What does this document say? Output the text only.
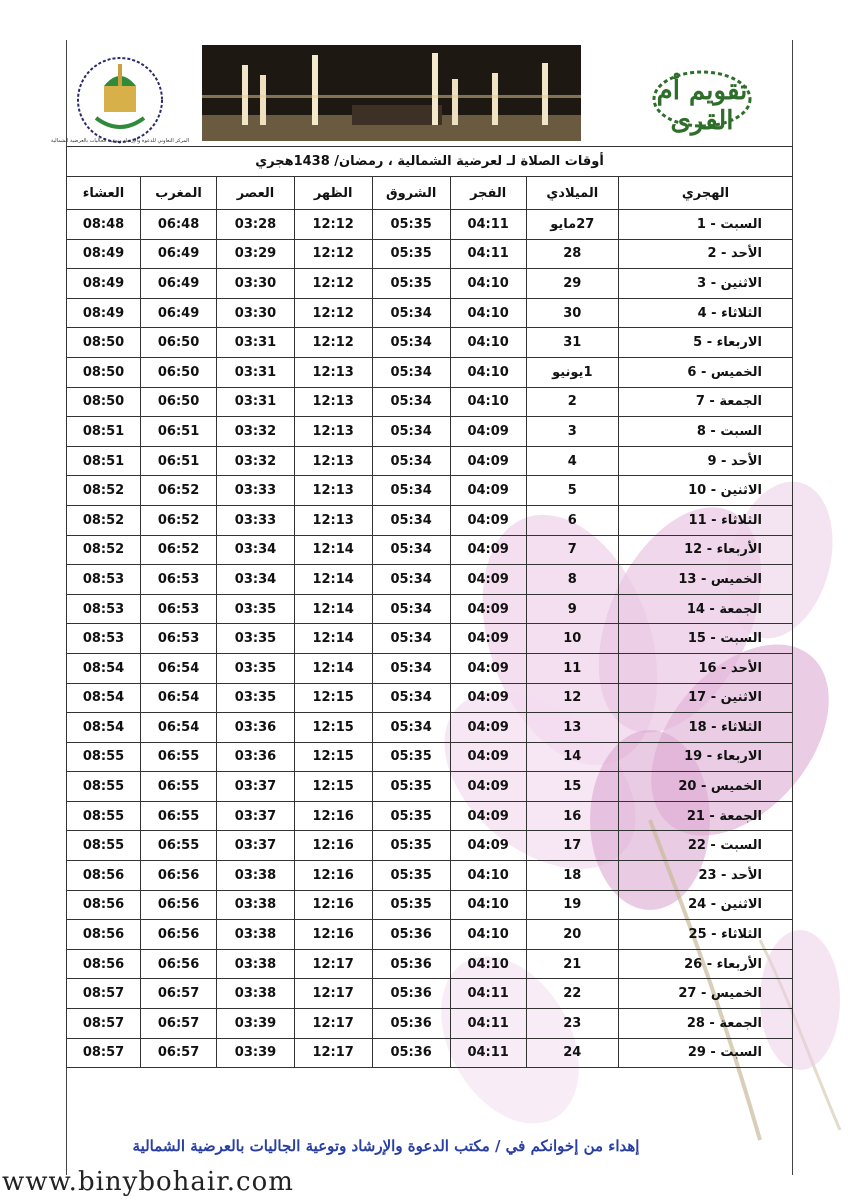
المركز التعاوني للدعوة والإرشاد وتوعية الجاليات بالعرضية الشمالية
تقويم أم القرى
أوقات الصلاة لـ لعرضية الشمالية ، رمضان/ 1438هجري							
الهجري	الميلادي	الفجر	الشروق	الظهر	العصر	المغرب	العشاء
السبت - 1	27مايو	04:11	05:35	12:12	03:28	06:48	08:48
الأحد - 2	28	04:11	05:35	12:12	03:29	06:49	08:49
الاثنين - 3	29	04:10	05:35	12:12	03:30	06:49	08:49
الثلاثاء - 4	30	04:10	05:34	12:12	03:30	06:49	08:49
الاربعاء - 5	31	04:10	05:34	12:12	03:31	06:50	08:50
الخميس - 6	1يونيو	04:10	05:34	12:13	03:31	06:50	08:50
الجمعة - 7	2	04:10	05:34	12:13	03:31	06:50	08:50
السبت - 8	3	04:09	05:34	12:13	03:32	06:51	08:51
الأحد - 9	4	04:09	05:34	12:13	03:32	06:51	08:51
الاثنين - 10	5	04:09	05:34	12:13	03:33	06:52	08:52
الثلاثاء - 11	6	04:09	05:34	12:13	03:33	06:52	08:52
الأربعاء - 12	7	04:09	05:34	12:14	03:34	06:52	08:52
الخميس - 13	8	04:09	05:34	12:14	03:34	06:53	08:53
الجمعة - 14	9	04:09	05:34	12:14	03:35	06:53	08:53
السبت - 15	10	04:09	05:34	12:14	03:35	06:53	08:53
الأحد - 16	11	04:09	05:34	12:14	03:35	06:54	08:54
الاثنين - 17	12	04:09	05:34	12:15	03:35	06:54	08:54
الثلاثاء - 18	13	04:09	05:34	12:15	03:36	06:54	08:54
الاربعاء - 19	14	04:09	05:35	12:15	03:36	06:55	08:55
الخميس - 20	15	04:09	05:35	12:15	03:37	06:55	08:55
الجمعة - 21	16	04:09	05:35	12:16	03:37	06:55	08:55
السبت - 22	17	04:09	05:35	12:16	03:37	06:55	08:55
الأحد - 23	18	04:10	05:35	12:16	03:38	06:56	08:56
الاثنين - 24	19	04:10	05:35	12:16	03:38	06:56	08:56
الثلاثاء - 25	20	04:10	05:36	12:16	03:38	06:56	08:56
الأربعاء - 26	21	04:10	05:36	12:17	03:38	06:56	08:56
الخميس - 27	22	04:11	05:36	12:17	03:38	06:57	08:57
الجمعة - 28	23	04:11	05:36	12:17	03:39	06:57	08:57
السبت - 29	24	04:11	05:36	12:17	03:39	06:57	08:57
إهداء من إخوانكم في / مكتب الدعوة والإرشاد وتوعية الجاليات بالعرضية الشمالية
www.binybohair.com
